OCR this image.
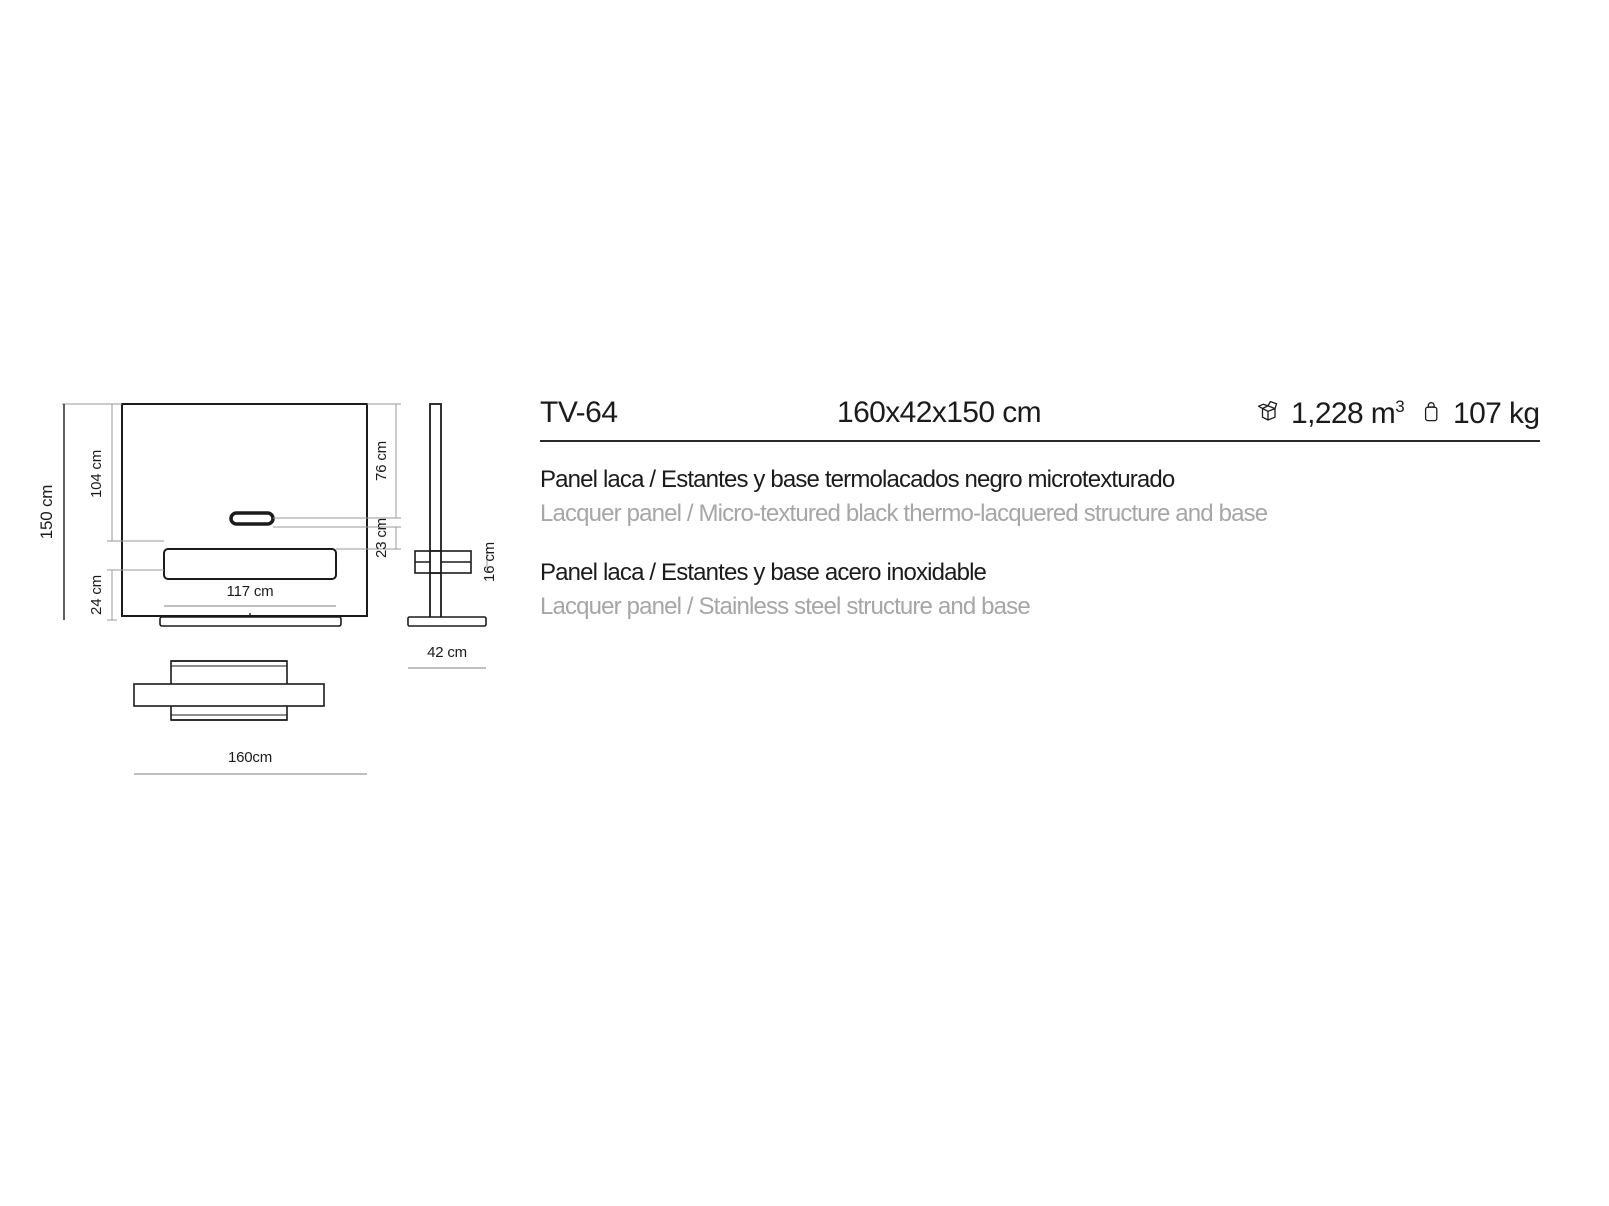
150 cm
104 cm
24 cm
76 cm
23 cm
117 cm
16 cm
42 cm
160cm
TV-64	160x42x150 cm	1,228 $m^3$ 107 kg
Panel laca / Estantes y base termolacados negro microtexturado
Lacquer panel / Micro-textured black thermo-lacquered structure and base
Panel laca / Estantes y base acero inoxidable
Lacquer panel / Stainless steel structure and base
